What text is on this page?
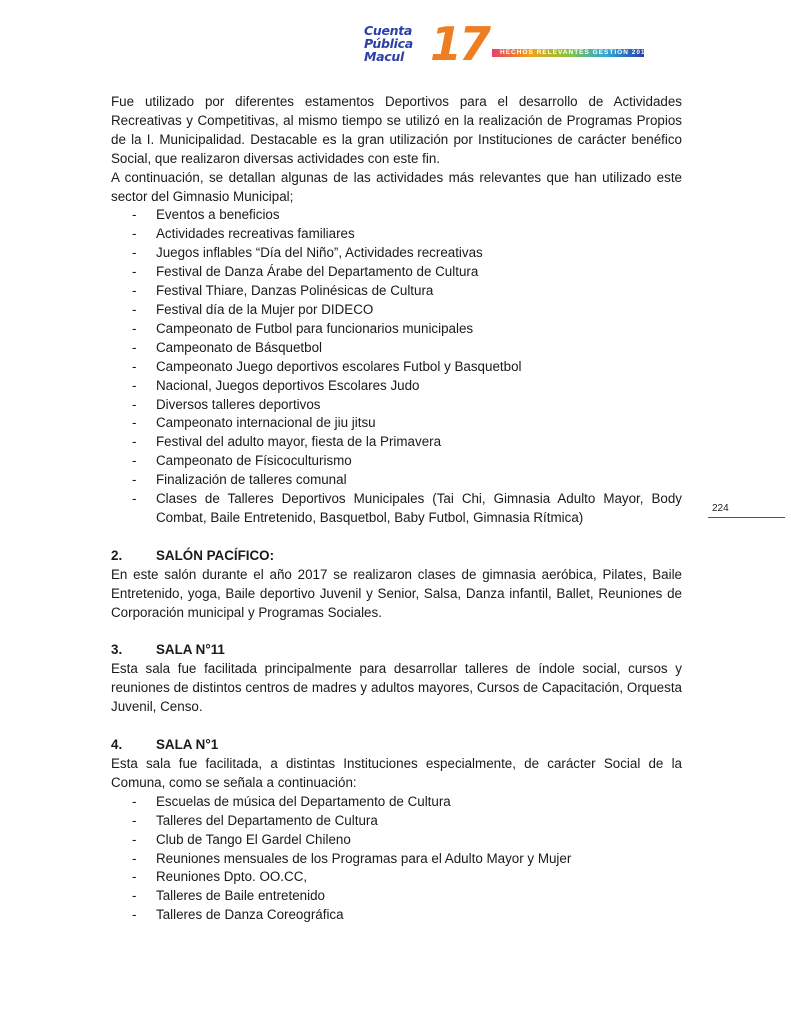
Cuenta
Pública
Macul 17 HECHOS RELEVANTES GESTIÓN 2017

Fue utilizado por diferentes estamentos Deportivos para el desarrollo de Actividades Recreativas y Competitivas, al mismo tiempo se utilizó en la realización de Programas Propios de la I. Municipalidad. Destacable es la gran utilización por Instituciones de carácter benéfico Social, que realizaron diversas actividades con este fin.

A continuación, se detallan algunas de las actividades más relevantes que han utilizado este sector del Gimnasio Municipal;

- Eventos a beneficios
- Actividades recreativas familiares
- Juegos inflables “Día del Niño”, Actividades recreativas
- Festival de Danza Árabe del Departamento de Cultura
- Festival Thiare, Danzas Polinésicas de Cultura
- Festival día de la Mujer por DIDECO
- Campeonato de Futbol para funcionarios municipales
- Campeonato de Básquetbol
- Campeonato Juego deportivos escolares Futbol y Basquetbol
- Nacional, Juegos deportivos Escolares Judo
- Diversos talleres deportivos
- Campeonato internacional de jiu jitsu
- Festival del adulto mayor, fiesta de la Primavera
- Campeonato de Físicoculturismo
- Finalización de talleres comunal
- Clases de Talleres Deportivos Municipales (Tai Chi, Gimnasia Adulto Mayor, Body Combat, Baile Entretenido, Basquetbol, Baby Futbol, Gimnasia Rítmica)

2.	SALÓN PACÍFICO:

En este salón durante el año 2017 se realizaron clases de gimnasia aeróbica, Pilates, Baile Entretenido, yoga, Baile deportivo Juvenil y Senior, Salsa, Danza infantil, Ballet, Reuniones de Corporación municipal y Programas Sociales.

3.	SALA N°11

Esta sala fue facilitada principalmente para desarrollar talleres de índole social, cursos y reuniones de distintos centros de madres y adultos mayores, Cursos de Capacitación, Orquesta Juvenil, Censo.

4.	SALA N°1

Esta sala fue facilitada, a distintas Instituciones especialmente, de carácter Social de la Comuna, como se señala a continuación:

- Escuelas de música del Departamento de Cultura
- Talleres del Departamento de Cultura
- Club de Tango El Gardel Chileno
- Reuniones mensuales de los Programas para el Adulto Mayor y Mujer
- Reuniones Dpto. OO.CC,
- Talleres de Baile entretenido
- Talleres de Danza Coreográfica
224
